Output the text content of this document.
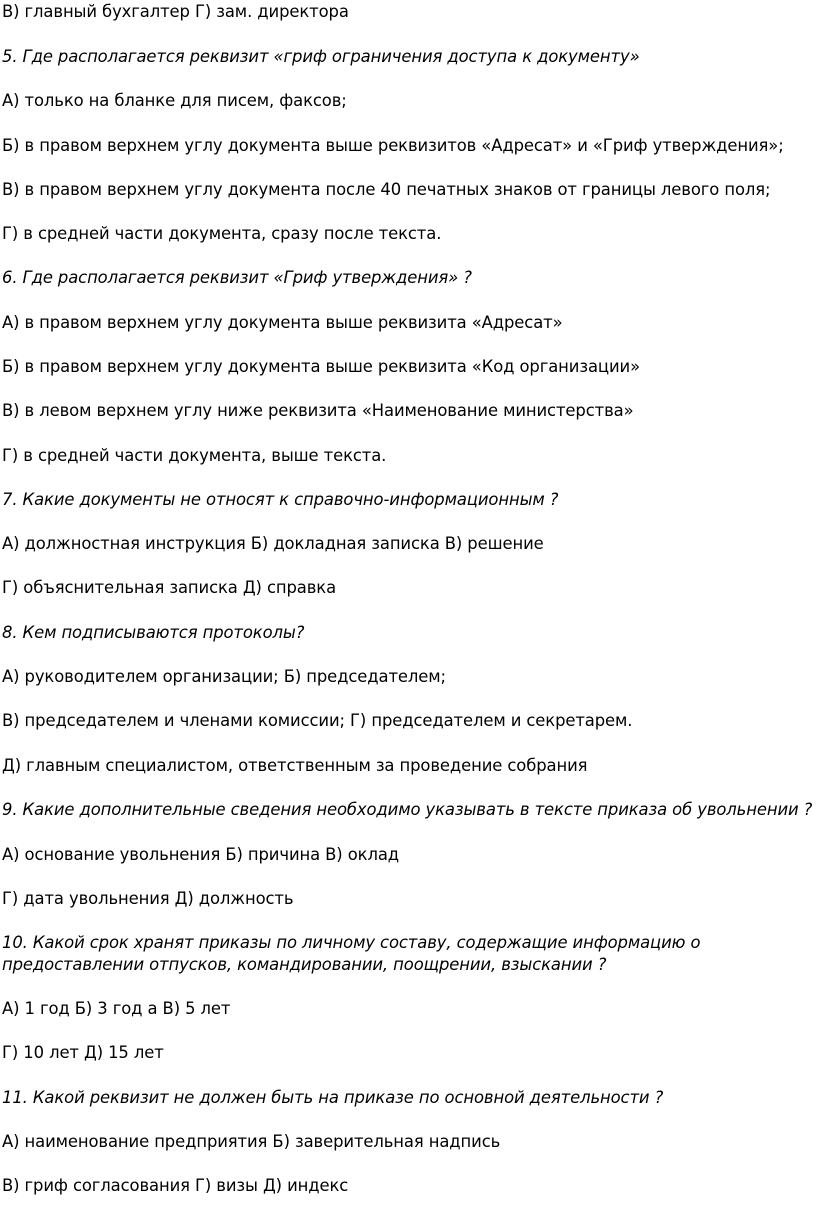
В) главный бухгалтер Г) зам. директора
5. Где располагается реквизит «гриф ограничения доступа к документу»
А) только на бланке для писем, факсов;
Б) в правом верхнем углу документа выше реквизитов «Адресат» и «Гриф утверждения»;
В) в правом верхнем углу документа после 40 печатных знаков от границы левого поля;
Г) в средней части документа, сразу после текста.
6. Где располагается реквизит «Гриф утверждения» ?
А) в правом верхнем углу документа выше реквизита «Адресат»
Б) в правом верхнем углу документа выше реквизита «Код организации»
В) в левом верхнем углу ниже реквизита «Наименование министерства»
Г) в средней части документа, выше текста.
7. Какие документы не относят к справочно-информационным ?
А) должностная инструкция Б) докладная записка В) решение
Г) объяснительная записка Д) справка
8. Кем подписываются протоколы?
А) руководителем организации; Б) председателем;
В) председателем и членами комиссии; Г) председателем и секретарем.
Д) главным специалистом, ответственным за проведение собрания
9. Какие дополнительные сведения необходимо указывать в тексте приказа об увольнении ?
А) основание увольнения Б) причина В) оклад
Г) дата увольнения Д) должность
10. Какой срок хранят приказы по личному составу, содержащие информацию о предоставлении отпусков, командировании, поощрении, взыскании ?
А) 1 год Б) 3 год а В) 5 лет
Г) 10 лет Д) 15 лет
11. Какой реквизит не должен быть на приказе по основной деятельности ?
А) наименование предприятия Б) заверительная надпись
В) гриф согласования Г) визы Д) индекс
